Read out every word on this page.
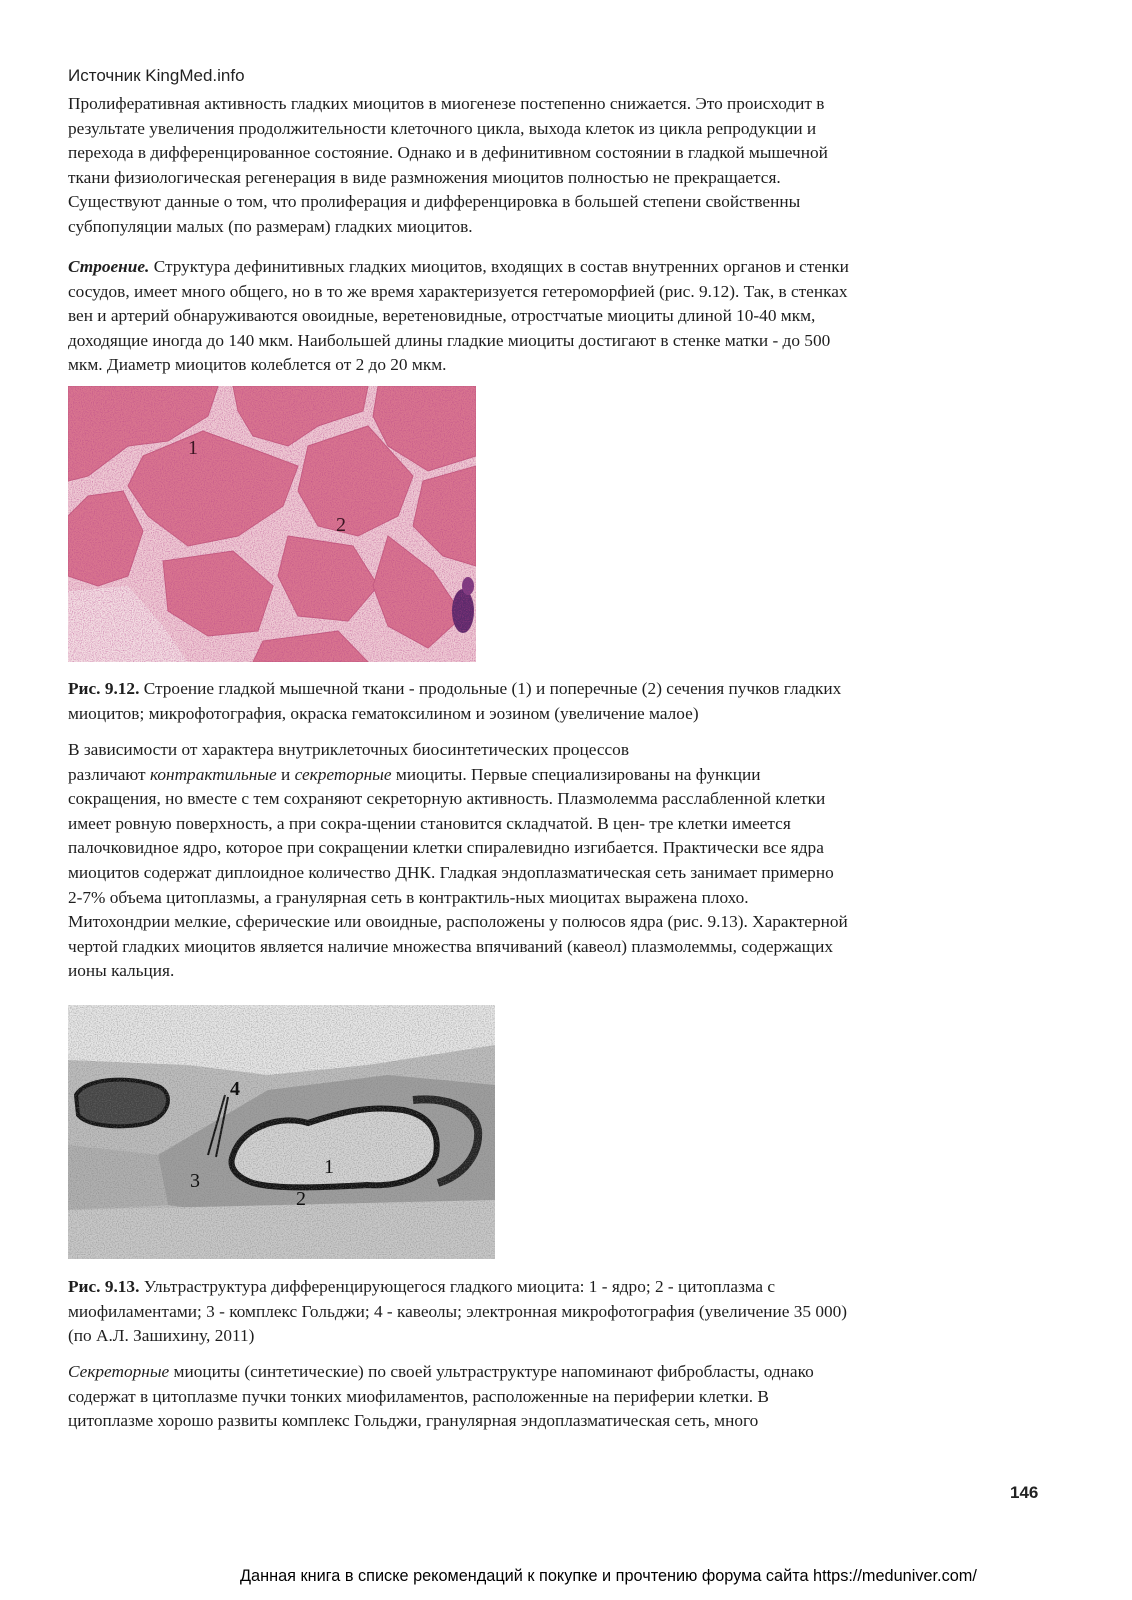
Источник KingMed.info
Пролиферативная активность гладких миоцитов в миогенезе постепенно снижается. Это происходит в
результате увеличения продолжительности клеточного цикла, выхода клеток из цикла репродукции и
перехода в дифференцированное состояние. Однако и в дефинитивном состоянии в гладкой мышечной
ткани физиологическая регенерация в виде размножения миоцитов полностью не прекращается.
Существуют данные о том, что пролиферация и дифференцировка в большей степени свойственны
субпопуляции малых (по размерам) гладких миоцитов.
Строение. Структура дефинитивных гладких миоцитов, входящих в состав внутренних органов и стенки
сосудов, имеет много общего, но в то же время характеризуется гетероморфией (рис. 9.12). Так, в стенках
вен и артерий обнаруживаются овоидные, веретеновидные, отростчатые миоциты длиной 10-40 мкм,
доходящие иногда до 140 мкм. Наибольшей длины гладкие миоциты достигают в стенке матки - до 500
мкм. Диаметр миоцитов колеблется от 2 до 20 мкм.
1
2
Рис. 9.12. Строение гладкой мышечной ткани - продольные (1) и поперечные (2) сечения пучков гладких
миоцитов; микрофотография, окраска гематоксилином и эозином (увеличение малое)
В зависимости от характера внутриклеточных биосинтетических процессов
различают контрактильные и секреторные миоциты. Первые специализированы на функции
сокращения, но вместе с тем сохраняют секреторную активность. Плазмолемма расслабленной клетки
имеет ровную поверхность, а при сокра-щении становится складчатой. В цен- тре клетки имеется
палочковидное ядро, которое при сокращении клетки спиралевидно изгибается. Практически все ядра
миоцитов содержат диплоидное количество ДНК. Гладкая эндоплазматическая сеть занимает примерно
2-7% объема цитоплазмы, а гранулярная сеть в контрактиль-ных миоцитах выражена плохо.
Митохондрии мелкие, сферические или овоидные, расположены у полюсов ядра (рис. 9.13). Характерной
чертой гладких миоцитов является наличие множества впячиваний (кавеол) плазмолеммы, содержащих
ионы кальция.
1
2
3
4
Рис. 9.13. Ультраструктура дифференцирующегося гладкого миоцита: 1 - ядро; 2 - цитоплазма с
миофиламентами; 3 - комплекс Гольджи; 4 - кавеолы; электронная микрофотография (увеличение 35 000)
(по А.Л. Зашихину, 2011)
Секреторные миоциты (синтетические) по своей ультраструктуре напоминают фибробласты, однако
содержат в цитоплазме пучки тонких миофиламентов, расположенные на периферии клетки. В
цитоплазме хорошо развиты комплекс Гольджи, гранулярная эндоплазматическая сеть, много
146
Данная книга в списке рекомендаций к покупке и прочтению форума сайта https://meduniver.com/
